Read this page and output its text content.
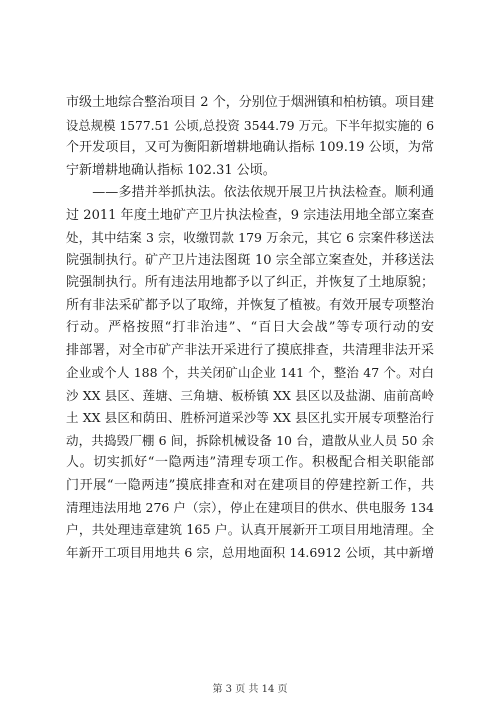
市级土地综合整治项目 2 个，分别位于烟洲镇和柏枋镇。项目建
设总规模 1577.51 公顷,总投资 3544.79 万元。下半年拟实施的 6
个开发项目，又可为衡阳新增耕地确认指标 109.19 公顷，为常
宁新增耕地确认指标 102.31 公顷。
　　——多措并举抓执法。依法依规开展卫片执法检查。顺利通
过 2011 年度土地矿产卫片执法检查，9 宗违法用地全部立案查
处，其中结案 3 宗，收缴罚款 179 万余元，其它 6 宗案件移送法
院强制执行。矿产卫片违法图斑 10 宗全部立案查处，并移送法
院强制执行。所有违法用地都予以了纠正，并恢复了土地原貌；
所有非法采矿都予以了取缔，并恢复了植被。有效开展专项整治
行动。严格按照“打非治违”、“百日大会战”等专项行动的安
排部署，对全市矿产非法开采进行了摸底排查，共清理非法开采
企业或个人 188 个，共关闭矿山企业 141 个，整治 47 个。对白
沙 XX 县区、莲塘、三角塘、板桥镇 XX 县区以及盐湖、庙前高岭
土 XX 县区和荫田、胜桥河道采沙等 XX 县区扎实开展专项整治行
动，共捣毁厂棚 6 间，拆除机械设备 10 台，遣散从业人员 50 余
人。切实抓好“一隐两违”清理专项工作。积极配合相关职能部
门开展“一隐两违”摸底排查和对在建项目的停建控新工作，共
清理违法用地 276 户（宗），停止在建项目的供水、供电服务 134
户，共处理违章建筑 165 户。认真开展新开工项目用地清理。全
年新开工项目用地共 6 宗，总用地面积 14.6912 公顷，其中新增
第 3 页 共 14 页
